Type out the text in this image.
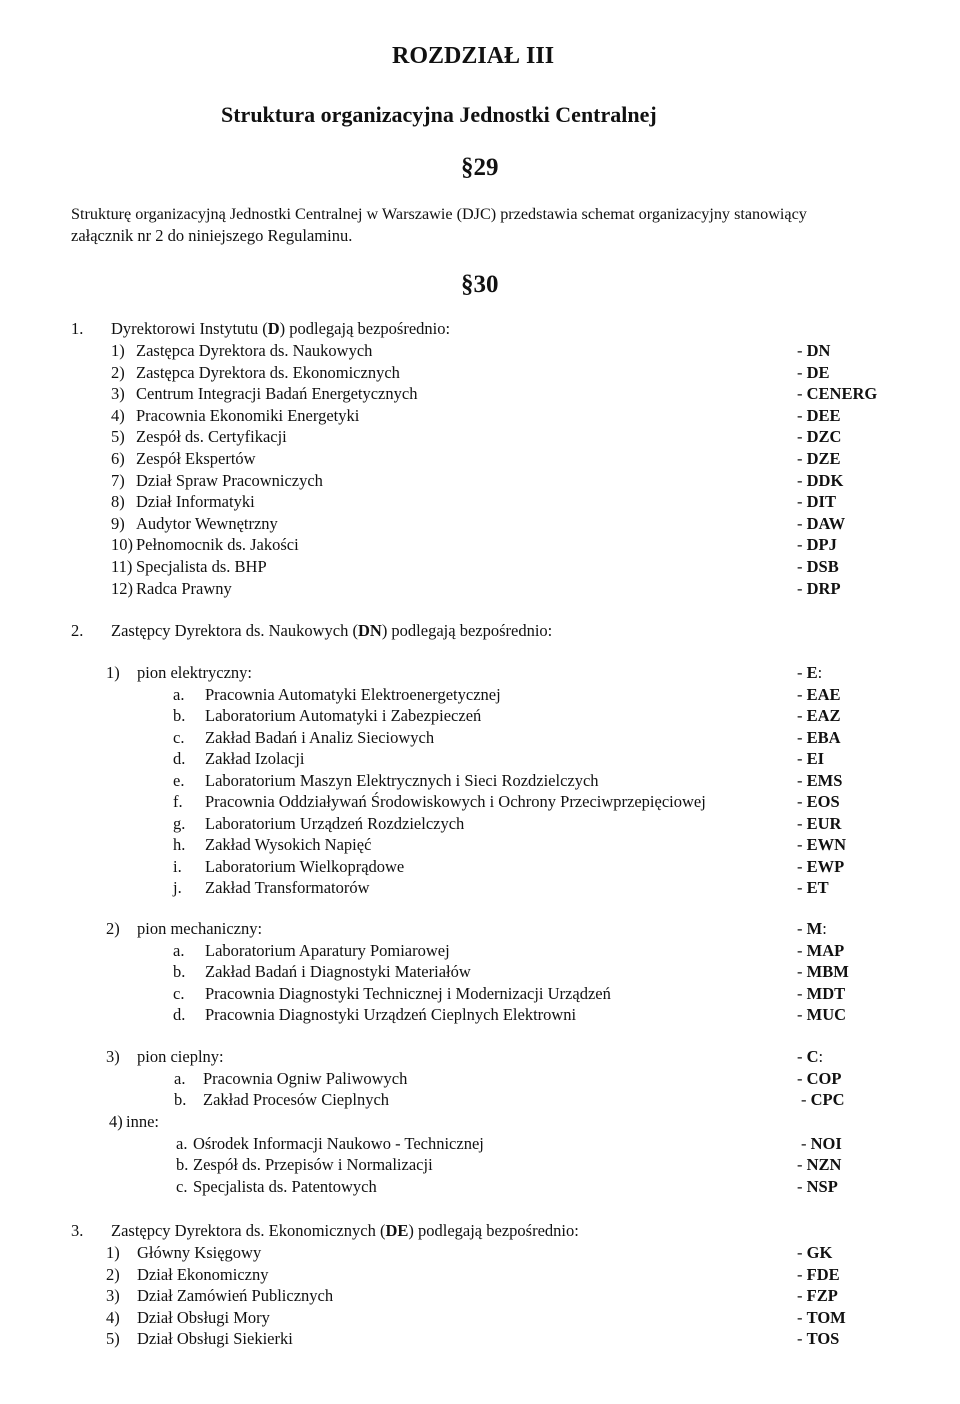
ROZDZIAŁ III
Struktura organizacyjna Jednostki Centralnej
§29
Strukturę organizacyjną Jednostki Centralnej w Warszawie (DJC) przedstawia schemat organizacyjny stanowiący
załącznik nr 2 do niniejszego Regulaminu.
§30
1. Dyrektorowi Instytutu (D) podlegają bezpośrednio:
1) Zastępca Dyrektora ds. Naukowych	- DN
2) Zastępca Dyrektora ds. Ekonomicznych	- DE
3) Centrum Integracji Badań Energetycznych	- CENERG
4) Pracownia Ekonomiki Energetyki	- DEE
5) Zespół ds. Certyfikacji	- DZC
6) Zespół Ekspertów	- DZE
7) Dział Spraw Pracowniczych	- DDK
8) Dział Informatyki	- DIT
9) Audytor Wewnętrzny	- DAW
10) Pełnomocnik ds. Jakości	- DPJ
11) Specjalista ds. BHP	- DSB
12) Radca Prawny	- DRP
2. Zastępcy Dyrektora ds. Naukowych (DN) podlegają bezpośrednio:
1) pion elektryczny:	- E:
a. Pracownia Automatyki Elektroenergetycznej	- EAE
b. Laboratorium Automatyki i Zabezpieczeń	- EAZ
c. Zakład Badań i Analiz Sieciowych	- EBA
d. Zakład Izolacji	- EI
e. Laboratorium Maszyn Elektrycznych i Sieci Rozdzielczych	- EMS
f. Pracownia Oddziaływań Środowiskowych i Ochrony Przeciwprzepięciowej	- EOS
g. Laboratorium Urządzeń Rozdzielczych	- EUR
h. Zakład Wysokich Napięć	- EWN
i. Laboratorium Wielkoprądowe	- EWP
j. Zakład Transformatorów	- ET
2) pion mechaniczny:	- M:
a. Laboratorium Aparatury Pomiarowej	- MAP
b. Zakład Badań i Diagnostyki Materiałów	- MBM
c. Pracownia Diagnostyki Technicznej i Modernizacji Urządzeń	- MDT
d. Pracownia Diagnostyki Urządzeń Cieplnych Elektrowni	- MUC
3) pion cieplny:	- C:
a. Pracownia Ogniw Paliwowych	- COP
b. Zakład Procesów Cieplnych	- CPC
4) inne:
a. Ośrodek Informacji Naukowo - Technicznej	- NOI
b. Zespół ds. Przepisów i Normalizacji	- NZN
c. Specjalista ds. Patentowych	- NSP
3. Zastępcy Dyrektora ds. Ekonomicznych (DE) podlegają bezpośrednio:
1) Główny Księgowy	- GK
2) Dział Ekonomiczny	- FDE
3) Dział Zamówień Publicznych	- FZP
4) Dział Obsługi Mory	- TOM
5) Dział Obsługi Siekierki	- TOS
